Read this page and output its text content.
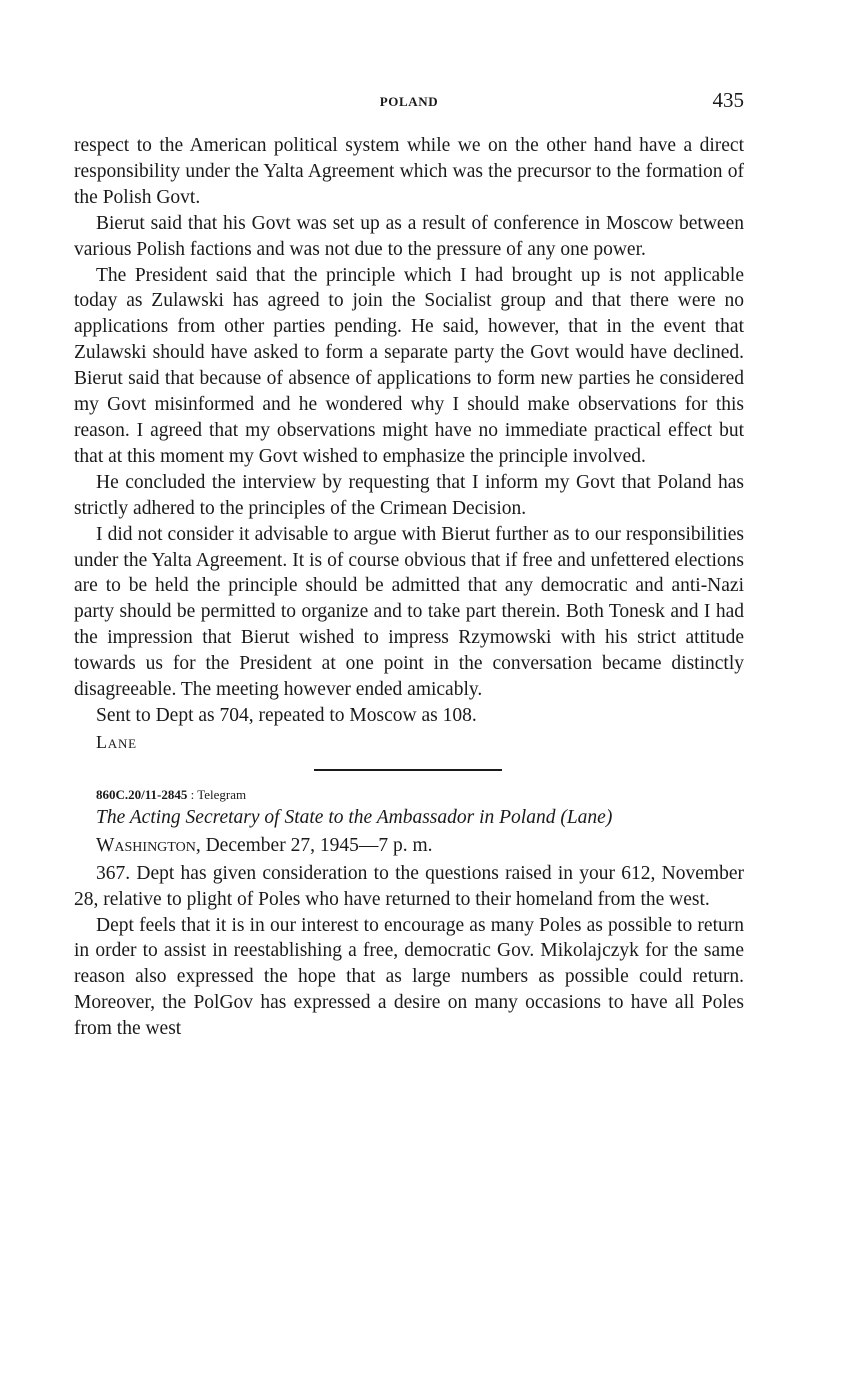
POLAND	435

respect to the American political system while we on the other hand have a direct responsibility under the Yalta Agreement which was the precursor to the formation of the Polish Govt.

Bierut said that his Govt was set up as a result of conference in Moscow between various Polish factions and was not due to the pressure of any one power.

The President said that the principle which I had brought up is not applicable today as Zulawski has agreed to join the Socialist group and that there were no applications from other parties pending. He said, however, that in the event that Zulawski should have asked to form a separate party the Govt would have declined. Bierut said that because of absence of applications to form new parties he considered my Govt misinformed and he wondered why I should make observations for this reason. I agreed that my observations might have no immediate practical effect but that at this moment my Govt wished to emphasize the principle involved.

He concluded the interview by requesting that I inform my Govt that Poland has strictly adhered to the principles of the Crimean Decision.

I did not consider it advisable to argue with Bierut further as to our responsibilities under the Yalta Agreement. It is of course obvious that if free and unfettered elections are to be held the principle should be admitted that any democratic and anti-Nazi party should be permitted to organize and to take part therein. Both Tonesk and I had the impression that Bierut wished to impress Rzymowski with his strict attitude towards us for the President at one point in the conversation became distinctly disagreeable. The meeting however ended amicably.

Sent to Dept as 704, repeated to Moscow as 108.

Lane

860C.20/11-2845 : Telegram

The Acting Secretary of State to the Ambassador in Poland (Lane)

Washington, December 27, 1945—7 p. m.

367. Dept has given consideration to the questions raised in your 612, November 28, relative to plight of Poles who have returned to their homeland from the west.

Dept feels that it is in our interest to encourage as many Poles as possible to return in order to assist in reestablishing a free, democratic Gov. Mikolajczyk for the same reason also expressed the hope that as large numbers as possible could return. Moreover, the PolGov has expressed a desire on many occasions to have all Poles from the west
